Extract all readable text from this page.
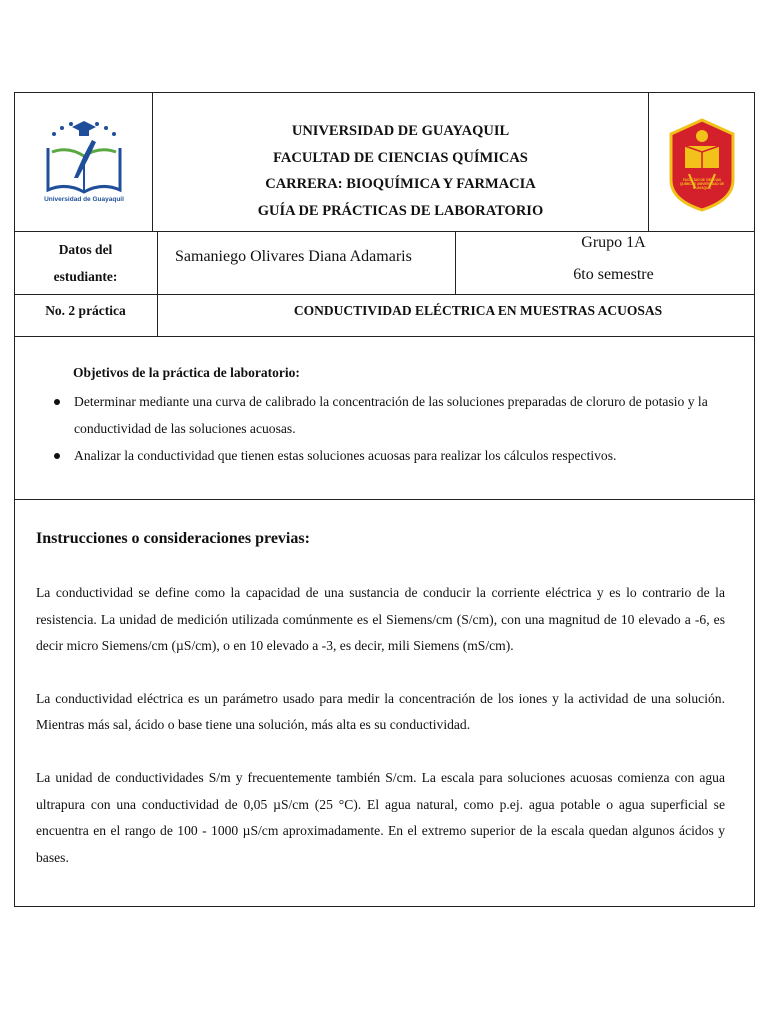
Universidad de Guayaquil
UNIVERSIDAD DE GUAYAQUIL
FACULTAD DE CIENCIAS QUÍMICAS
CARRERA: BIOQUÍMICA Y FARMACIA
GUÍA DE PRÁCTICAS DE LABORATORIO
FACULTAD DE CIENCIAS QUÍMICAS UNIVERSIDAD DE GUAYAQUIL
Datos del
estudiante:
Samaniego Olivares Diana Adamaris
Grupo 1A
6to semestre
No. 2 práctica	CONDUCTIVIDAD ELÉCTRICA EN MUESTRAS ACUOSAS
Objetivos de la práctica de laboratorio:
Determinar mediante una curva de calibrado la concentración de las soluciones preparadas de cloruro de potasio y la conductividad de las soluciones acuosas.
Analizar la conductividad que tienen estas soluciones acuosas para realizar los cálculos respectivos.
Instrucciones o consideraciones previas:

La conductividad se define como la capacidad de una sustancia de conducir la corriente eléctrica y es lo contrario de la resistencia. La unidad de medición utilizada comúnmente es el Siemens/cm (S/cm), con una magnitud de 10 elevado a -6, es decir micro Siemens/cm (µS/cm), o en 10 elevado a -3, es decir, mili Siemens (mS/cm).

La conductividad eléctrica es un parámetro usado para medir la concentración de los iones y la actividad de una solución. Mientras más sal, ácido o base tiene una solución, más alta es su conductividad.

La unidad de conductividades S/m y frecuentemente también S/cm. La escala para soluciones acuosas comienza con agua ultrapura con una conductividad de 0,05 µS/cm (25 °C). El agua natural, como p.ej. agua potable o agua superficial se encuentra en el rango de 100 - 1000 µS/cm aproximadamente. En el extremo superior de la escala quedan algunos ácidos y bases.
